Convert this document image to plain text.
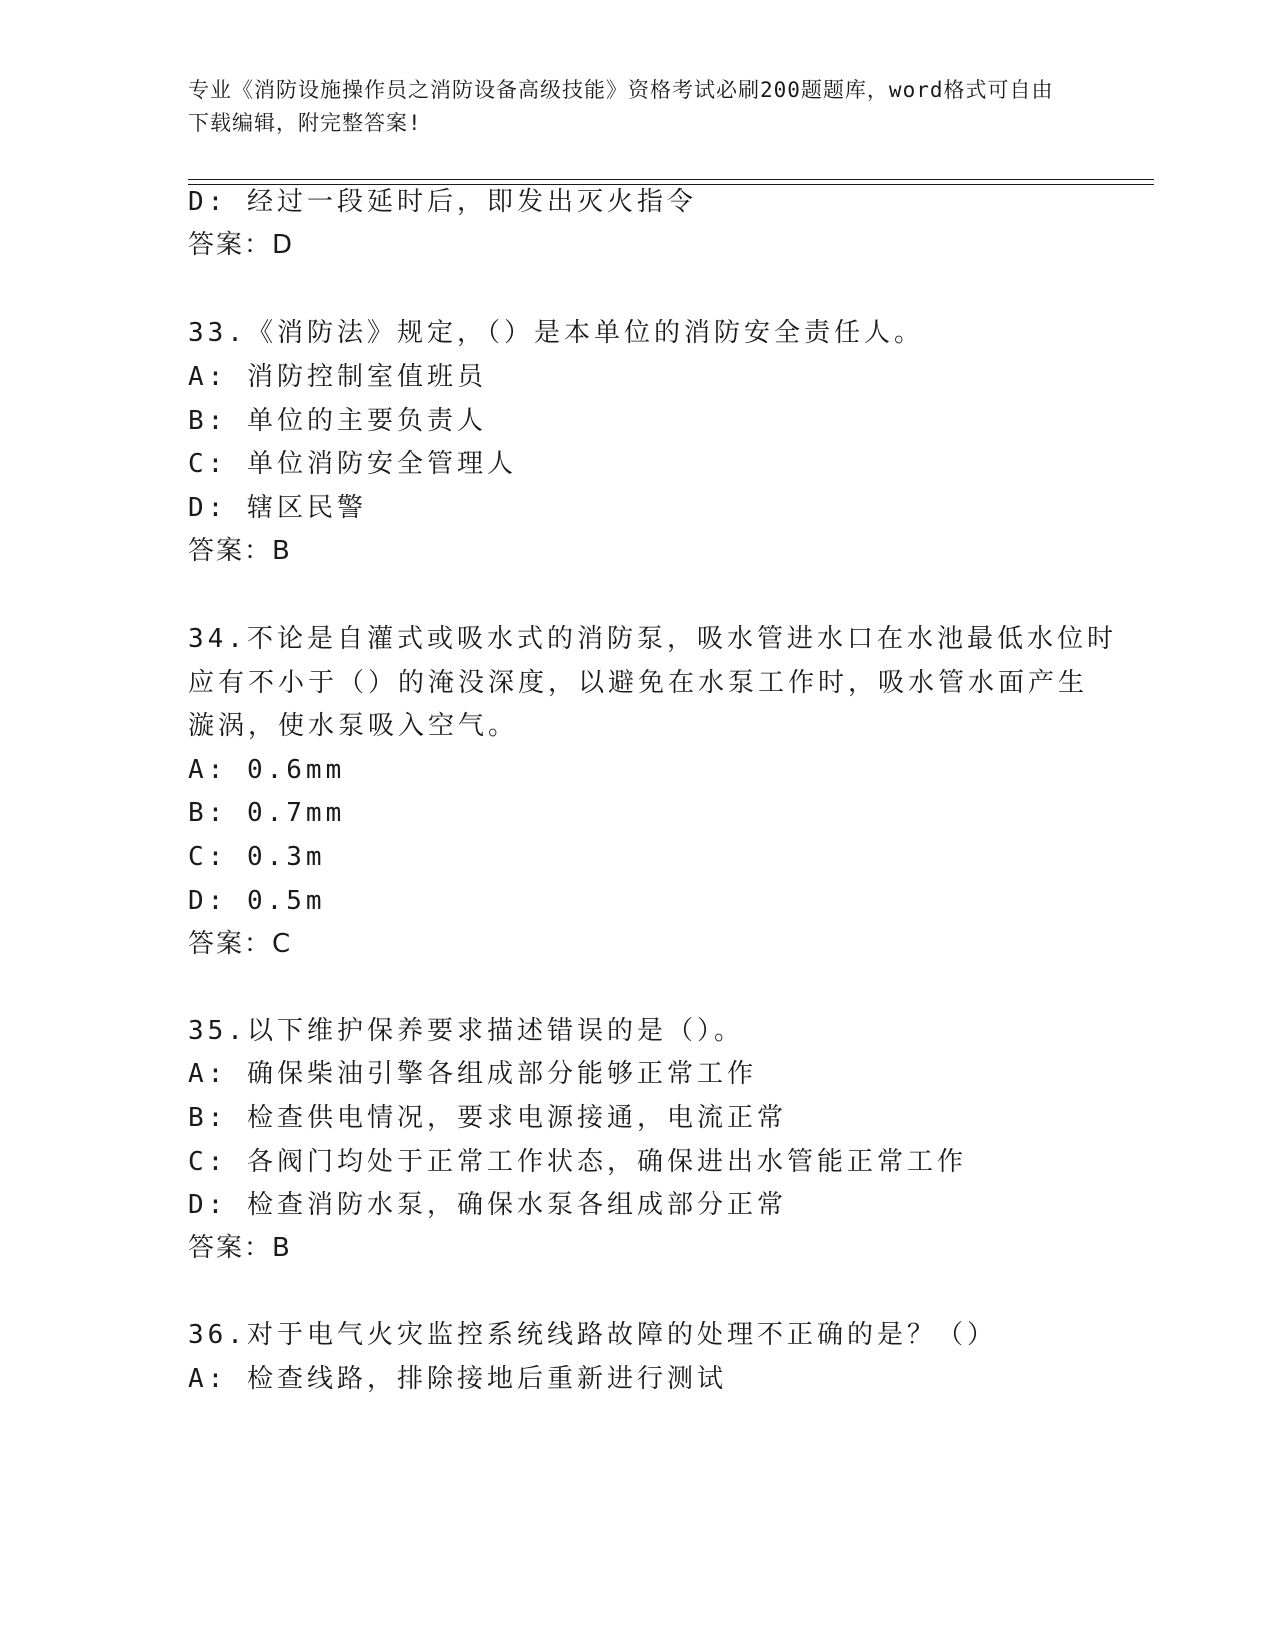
专业《消防设施操作员之消防设备高级技能》资格考试必刷200题题库，word格式可自由下载编辑，附完整答案!
D: 经过一段延时后，即发出灭火指令
答案：D
33.《消防法》规定，（）是本单位的消防安全责任人。
A: 消防控制室值班员
B: 单位的主要负责人
C: 单位消防安全管理人
D: 辖区民警
答案：B
34.不论是自灌式或吸水式的消防泵，吸水管进水口在水池最低水位时
应有不小于（）的淹没深度，以避免在水泵工作时，吸水管水面产生
漩涡，使水泵吸入空气。
A: 0.6mm
B: 0.7mm
C: 0.3m
D: 0.5m
答案：C
35.以下维护保养要求描述错误的是（）。
A: 确保柴油引擎各组成部分能够正常工作
B: 检查供电情况，要求电源接通，电流正常
C: 各阀门均处于正常工作状态，确保进出水管能正常工作
D: 检查消防水泵，确保水泵各组成部分正常
答案：B
36.对于电气火灾监控系统线路故障的处理不正确的是？（）
A: 检查线路，排除接地后重新进行测试
